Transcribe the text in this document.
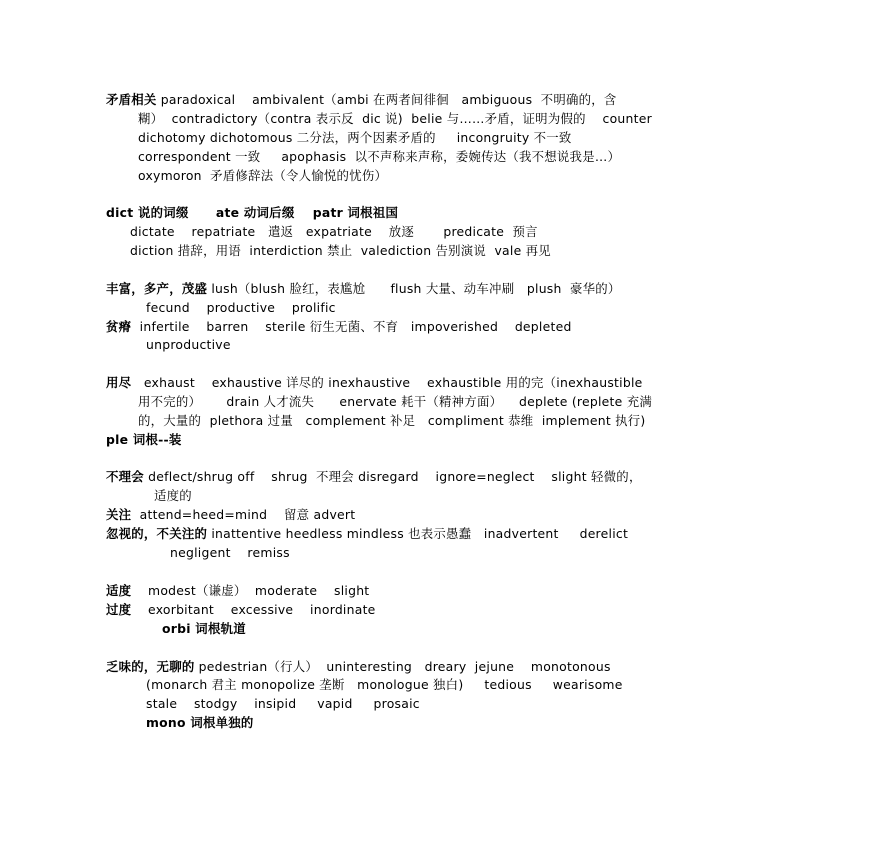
矛盾相关 paradoxical    ambivalent（ambi 在两者间徘徊   ambiguous  不明确的，含
糊）  contradictory（contra 表示反  dic 说)  belie 与……矛盾，证明为假的    counter
dichotomy dichotomous 二分法，两个因素矛盾的     incongruity 不一致
correspondent 一致     apophasis  以不声称来声称，委婉传达（我不想说我是…）
oxymoron  矛盾修辞法（令人愉悦的忧伤）
dict 说的词缀      ate 动词后缀    patr 词根祖国
dictate    repatriate   遣返   expatriate    放逐       predicate  预言
diction 措辞，用语  interdiction 禁止  valediction 告别演说  vale 再见
丰富，多产，茂盛 lush（blush 脸红，表尴尬      flush 大量、动车冲刷   plush  豪华的）
fecund    productive    prolific
贫瘠  infertile    barren    sterile 衍生无菌、不育   impoverished    depleted
unproductive
用尽   exhaust    exhaustive 详尽的 inexhaustive    exhaustible 用的完（inexhaustible
用不完的）      drain 人才流失      enervate 耗干（精神方面）    deplete (replete 充满
的，大量的  plethora 过量   complement 补足   compliment 恭维  implement 执行)
ple 词根--装
不理会 deflect/shrug off    shrug  不理会 disregard    ignore=neglect    slight 轻微的，
适度的
关注  attend=heed=mind    留意 advert
忽视的，不关注的 inattentive heedless mindless 也表示愚蠢   inadvertent     derelict
negligent    remiss
适度    modest（谦虚）  moderate    slight
过度    exorbitant    excessive    inordinate
orbi 词根轨道
乏味的，无聊的 pedestrian（行人）  uninteresting   dreary  jejune    monotonous
(monarch 君主 monopolize 垄断   monologue 独白)     tedious     wearisome
stale    stodgy    insipid     vapid     prosaic
mono 词根单独的
